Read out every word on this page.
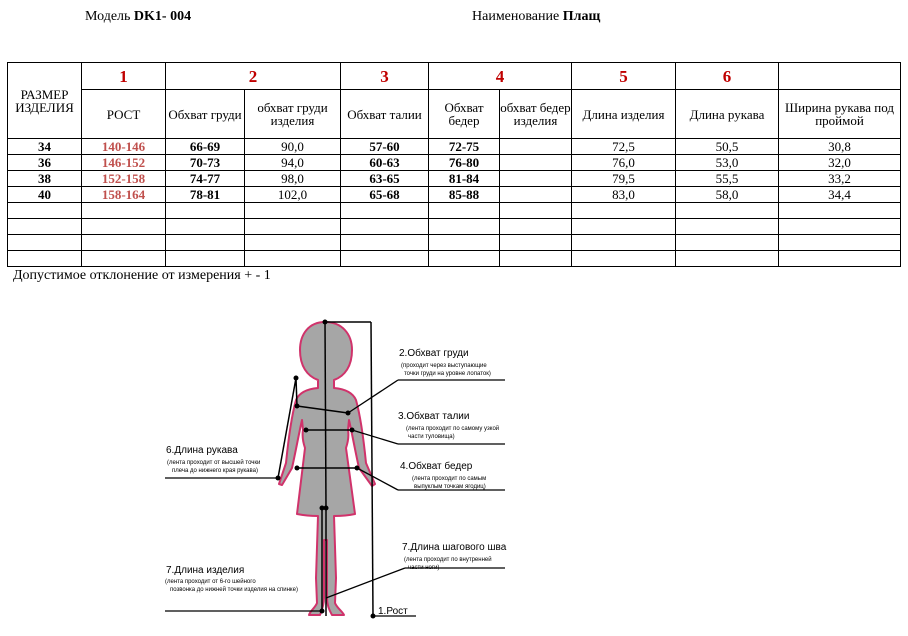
Модель DK1- 004	Наименование Плащ
РАЗМЕР
ИЗДЕЛИЯ	1	2		3	4		5	6	
	РОСТ	Обхват груди	обхват груди изделия	Обхват талии	Обхват бедер	обхват бедер изделия	Длина изделия	Длина рукава	Ширина рукава под проймой
34	140-146	66-69	90,0	57-60	72-75		72,5	50,5	30,8
36	146-152	70-73	94,0	60-63	76-80		76,0	53,0	32,0
38	152-158	74-77	98,0	63-65	81-84		79,5	55,5	33,2
40	158-164	78-81	102,0	65-68	85-88		83,0	58,0	34,4

Допустимое отклонение от измерения + - 1
2.Обхват груди
(проходит через выступающие
точки груди на уровне лопаток)
3.Обхват талии
(лента проходит по самому узкой
части туловища)
4.Обхват бедер
(лента проходит по самым
выпуклым точкам ягодиц)
6.Длина рукава
(лента проходит от высшей точки
плеча до нижнего края рукава)
7.Длина шагового шва
(лента проходит по внутренней
части ноги)
7.Длина изделия
(лента проходит от 6-го шейного
позвонка до нижней точки изделия на спинке)
1.Рост
